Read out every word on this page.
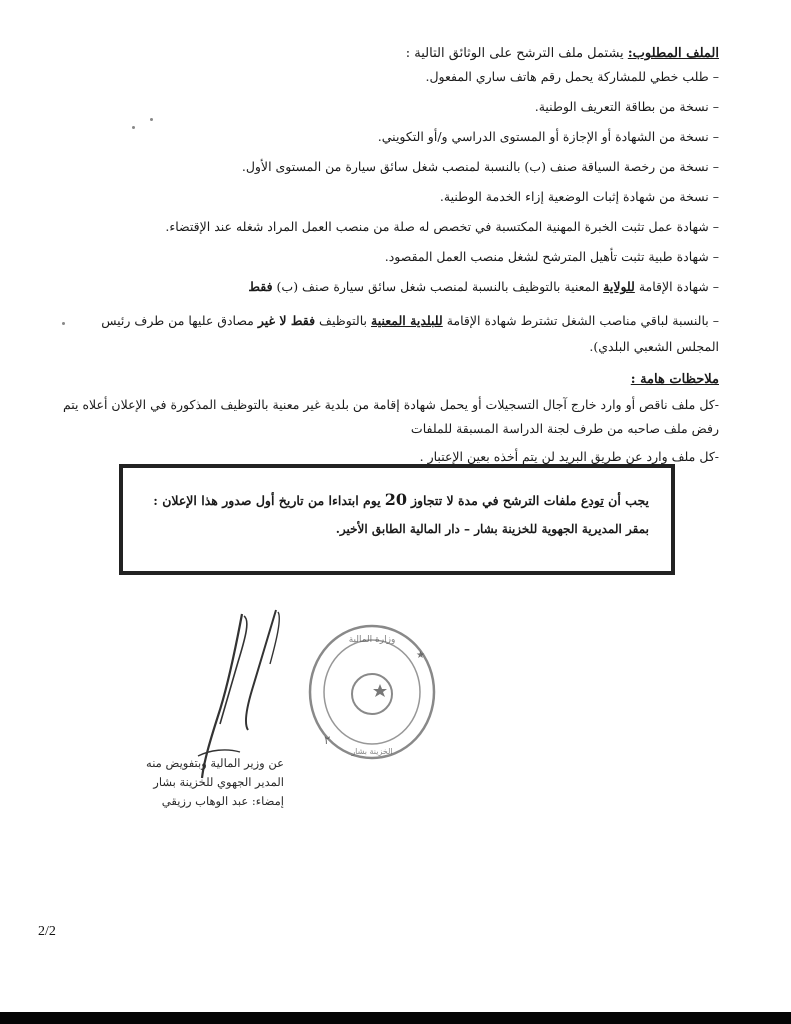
الملف المطلوب: يشتمل ملف الترشح على الوثائق التالية :
–طلب خطي للمشاركة يحمل رقم هاتف ساري المفعول.
–نسخة من بطاقة التعريف الوطنية.
–نسخة من الشهادة أو الإجازة أو المستوى الدراسي و/أو التكويني.
–نسخة من رخصة السياقة صنف (ب) بالنسبة لمنصب شغل سائق سيارة من المستوى الأول.
–نسخة من شهادة إثبات الوضعية إزاء الخدمة الوطنية.
–شهادة عمل تثبت الخبرة المهنية المكتسبة في تخصص له صلة من منصب العمل المراد شغله عند الإقتضاء.
–شهادة طبية تثبت تأهيل المترشح لشغل منصب العمل المقصود.
–شهادة الإقامة للولاية المعنية بالتوظيف بالنسبة لمنصب شغل سائق سيارة صنف (ب) فقط
–بالنسبة لباقي مناصب الشغل تشترط شهادة الإقامة للبلدية المعنية بالتوظيف فقط لا غير مصادق عليها من طرف رئيس المجلس الشعبي البلدي).
ملاحظات هامة :

-كل ملف ناقص أو وارد خارج آجال التسجيلات أو يحمل شهادة إقامة من بلدية غير معنية بالتوظيف المذكورة في الإعلان أعلاه يتم رفض ملف صاحبه من طرف لجنة الدراسة المسبقة للملفات

-كل ملف وارد عن طريق البريد لن يتم أخذه بعين الإعتبار .

يجب أن تودع ملفات الترشح في مدة لا تتجاوز20يوم ابتداءا من تاريخ أول صدور هذا الإعلان :
بمقر المديرية الجهوية للخزينة بشار – دار المالية الطابق الأخير.
وزارة المالية
الخزينة بشار
٢
★
عن وزير المالية وبتفويض منه
المدير الجهوي للخزينة بشار
إمضاء: عبد الوهاب رزيقي
2/2
